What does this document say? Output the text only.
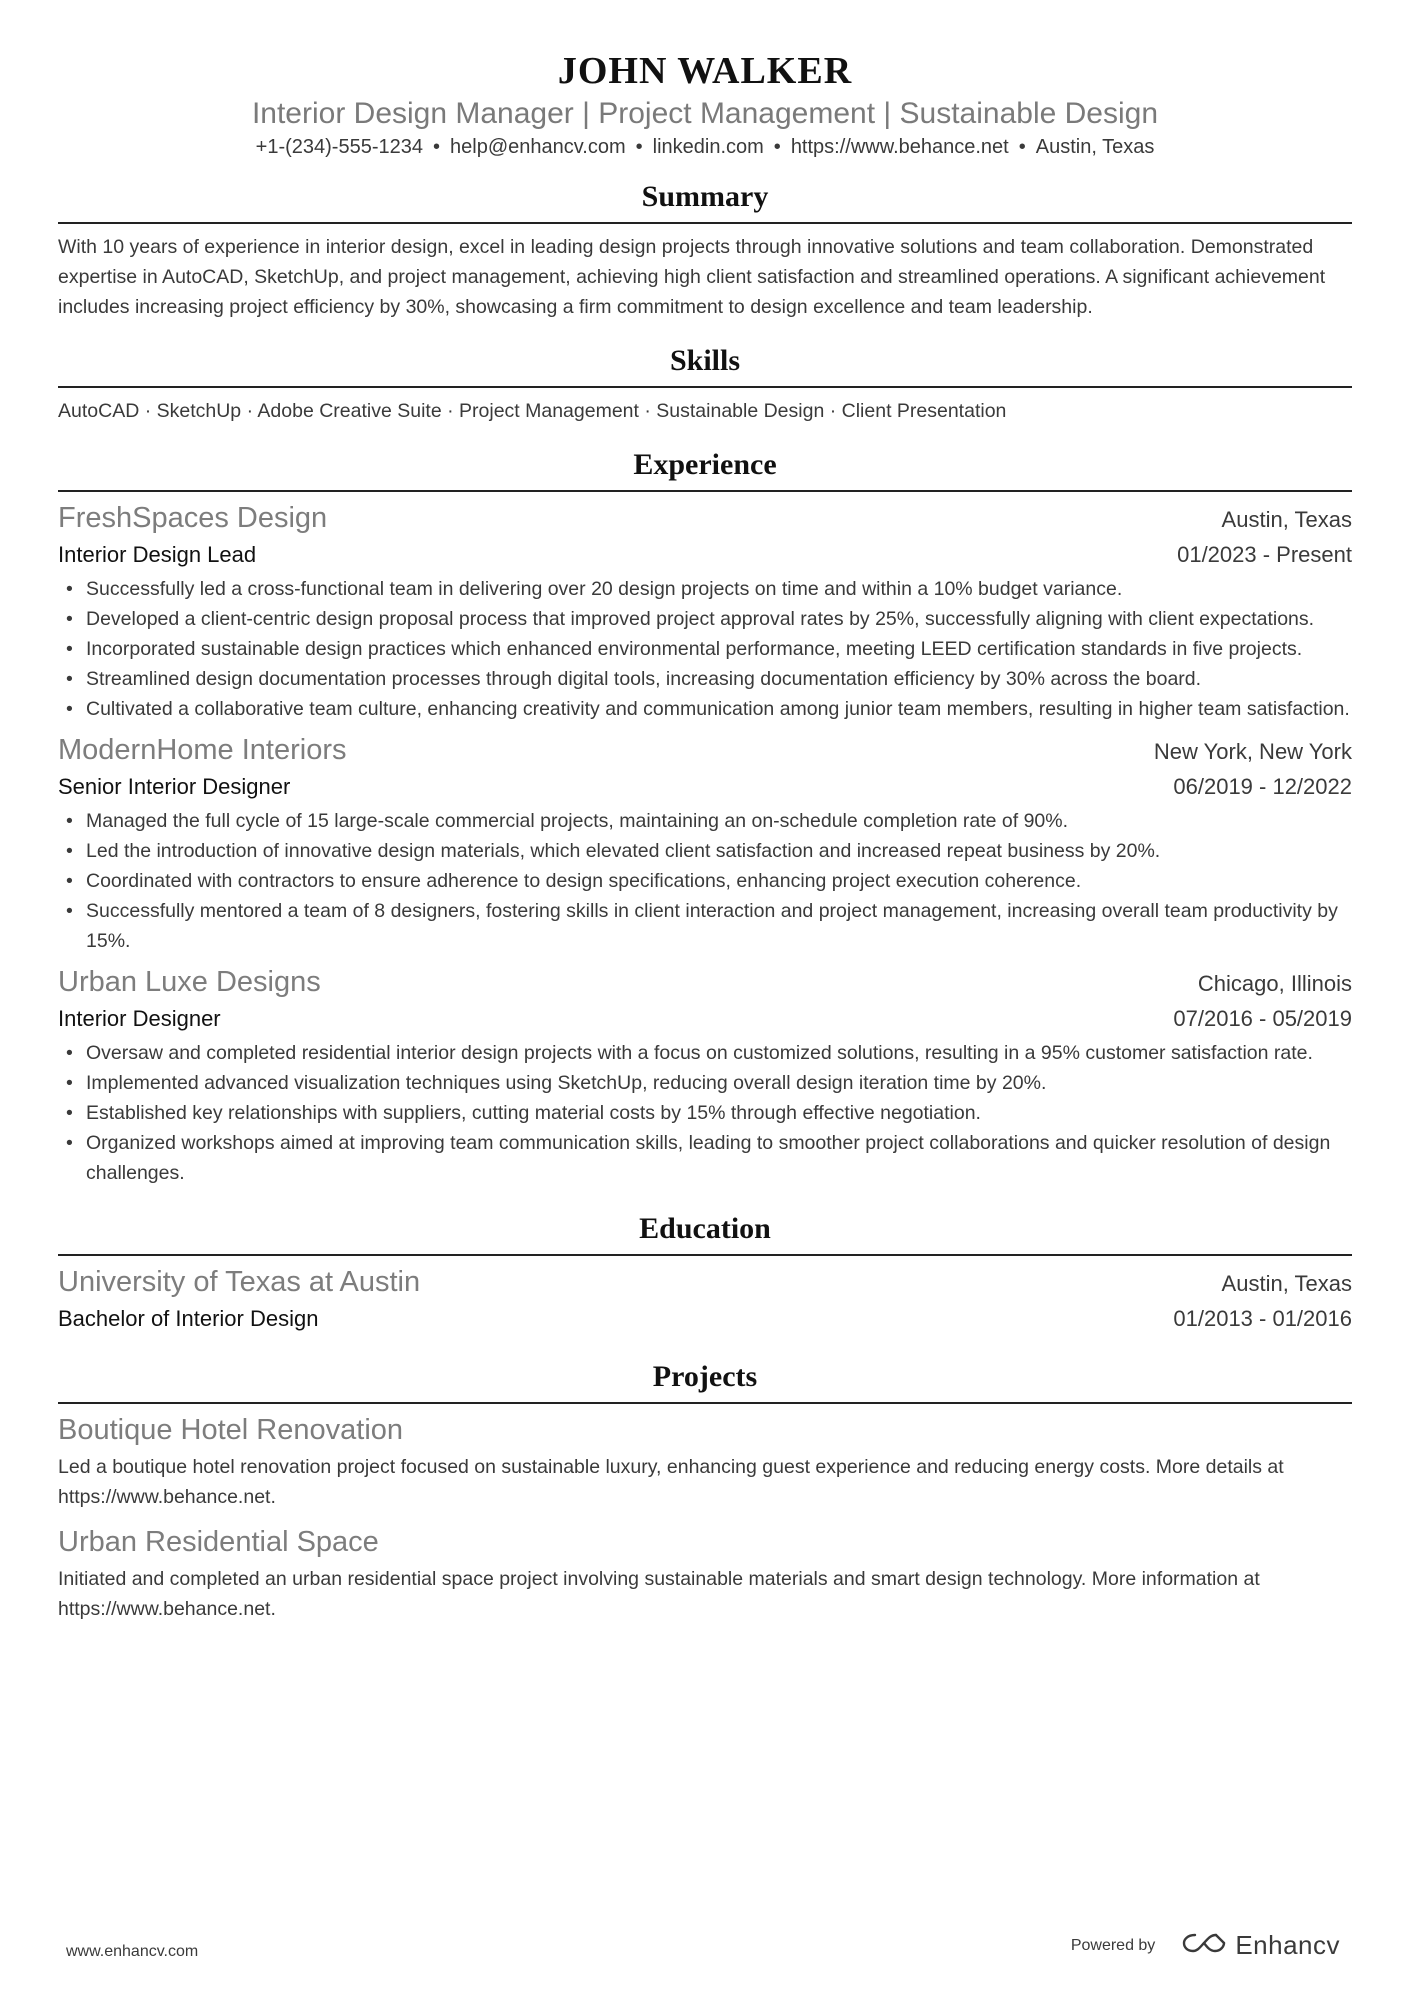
JOHN WALKER
Interior Design Manager | Project Management | Sustainable Design
+1-(234)-555-1234 • help@enhancv.com • linkedin.com • https://www.behance.net • Austin, Texas
Summary
With 10 years of experience in interior design, excel in leading design projects through innovative solutions and team collaboration. Demonstrated expertise in AutoCAD, SketchUp, and project management, achieving high client satisfaction and streamlined operations. A significant achievement includes increasing project efficiency by 30%, showcasing a firm commitment to design excellence and team leadership.
Skills
AutoCAD · SketchUp · Adobe Creative Suite · Project Management · Sustainable Design · Client Presentation
Experience
FreshSpaces Design	Austin, Texas
Interior Design Lead	01/2023 - Present
• Successfully led a cross-functional team in delivering over 20 design projects on time and within a 10% budget variance.
• Developed a client-centric design proposal process that improved project approval rates by 25%, successfully aligning with client expectations.
• Incorporated sustainable design practices which enhanced environmental performance, meeting LEED certification standards in five projects.
• Streamlined design documentation processes through digital tools, increasing documentation efficiency by 30% across the board.
• Cultivated a collaborative team culture, enhancing creativity and communication among junior team members, resulting in higher team satisfaction.
ModernHome Interiors	New York, New York
Senior Interior Designer	06/2019 - 12/2022
• Managed the full cycle of 15 large-scale commercial projects, maintaining an on-schedule completion rate of 90%.
• Led the introduction of innovative design materials, which elevated client satisfaction and increased repeat business by 20%.
• Coordinated with contractors to ensure adherence to design specifications, enhancing project execution coherence.
• Successfully mentored a team of 8 designers, fostering skills in client interaction and project management, increasing overall team productivity by 15%.
Urban Luxe Designs	Chicago, Illinois
Interior Designer	07/2016 - 05/2019
• Oversaw and completed residential interior design projects with a focus on customized solutions, resulting in a 95% customer satisfaction rate.
• Implemented advanced visualization techniques using SketchUp, reducing overall design iteration time by 20%.
• Established key relationships with suppliers, cutting material costs by 15% through effective negotiation.
• Organized workshops aimed at improving team communication skills, leading to smoother project collaborations and quicker resolution of design challenges.
Education
University of Texas at Austin	Austin, Texas
Bachelor of Interior Design	01/2013 - 01/2016
Projects
Boutique Hotel Renovation
Led a boutique hotel renovation project focused on sustainable luxury, enhancing guest experience and reducing energy costs. More details at https://www.behance.net.
Urban Residential Space
Initiated and completed an urban residential space project involving sustainable materials and smart design technology. More information at https://www.behance.net.
www.enhancv.com	Powered by	Enhancv
